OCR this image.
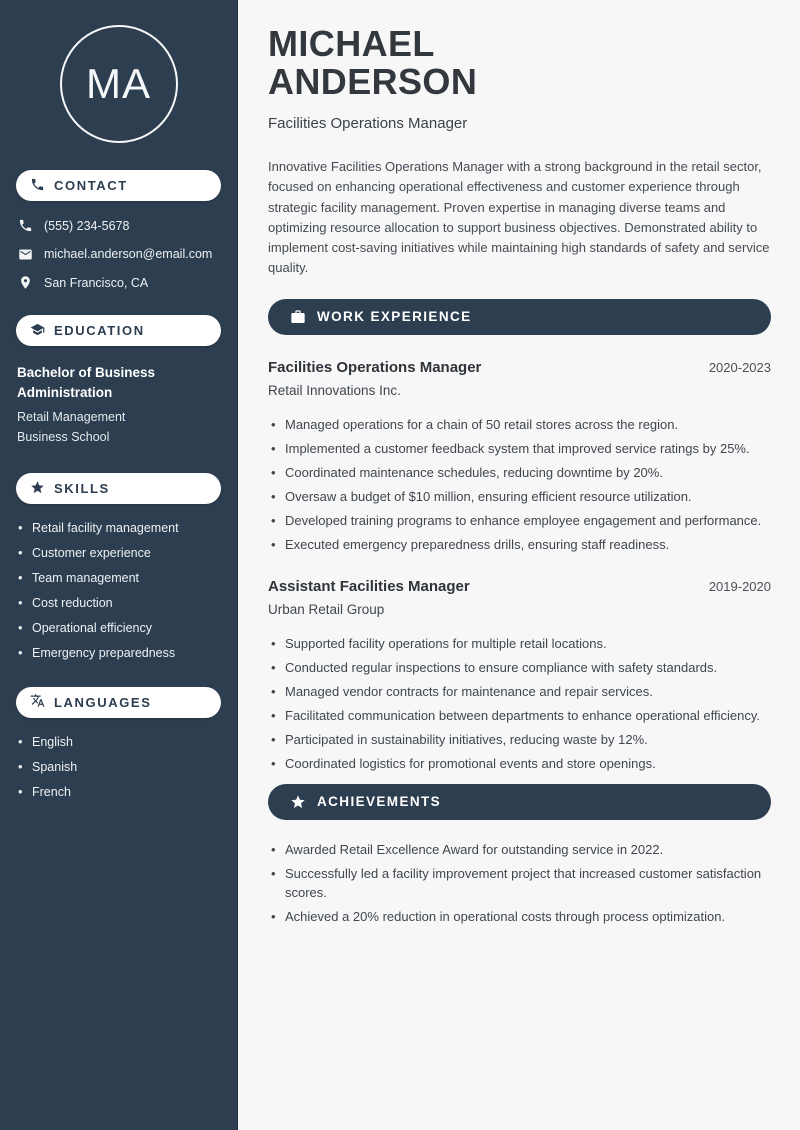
MA
CONTACT
(555) 234-5678
michael.anderson@email.com
San Francisco, CA
EDUCATION
Bachelor of Business Administration
Retail Management
Business School
SKILLS
• Retail facility management
• Customer experience
• Team management
• Cost reduction
• Operational efficiency
• Emergency preparedness
LANGUAGES
• English
• Spanish
• French
MICHAEL
ANDERSON
Facilities Operations Manager

Innovative Facilities Operations Manager with a strong background in the retail sector, focused on enhancing operational effectiveness and customer experience through strategic facility management. Proven expertise in managing diverse teams and optimizing resource allocation to support business objectives. Demonstrated ability to implement cost-saving initiatives while maintaining high standards of safety and service quality.

WORK EXPERIENCE
Facilities Operations Manager	2020-2023
Retail Innovations Inc.
• Managed operations for a chain of 50 retail stores across the region.
• Implemented a customer feedback system that improved service ratings by 25%.
• Coordinated maintenance schedules, reducing downtime by 20%.
• Oversaw a budget of $10 million, ensuring efficient resource utilization.
• Developed training programs to enhance employee engagement and performance.
• Executed emergency preparedness drills, ensuring staff readiness.
Assistant Facilities Manager	2019-2020
Urban Retail Group
• Supported facility operations for multiple retail locations.
• Conducted regular inspections to ensure compliance with safety standards.
• Managed vendor contracts for maintenance and repair services.
• Facilitated communication between departments to enhance operational efficiency.
• Participated in sustainability initiatives, reducing waste by 12%.
• Coordinated logistics for promotional events and store openings.
ACHIEVEMENTS
• Awarded Retail Excellence Award for outstanding service in 2022.
• Successfully led a facility improvement project that increased customer satisfaction scores.
• Achieved a 20% reduction in operational costs through process optimization.
